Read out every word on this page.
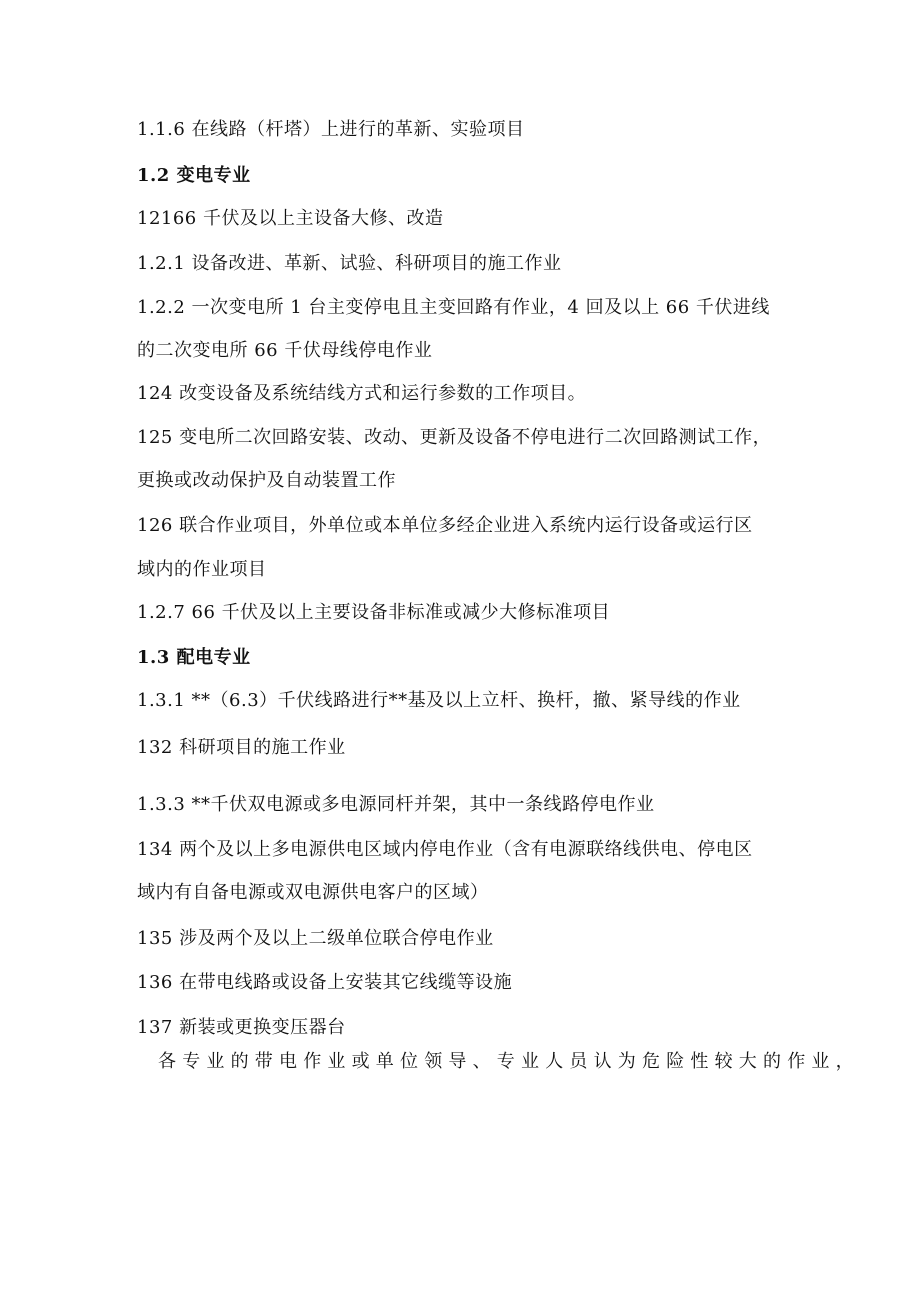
1.1.6 在线路（杆塔）上进行的革新、实验项目
1.2 变电专业
12166 千伏及以上主设备大修、改造
1.2.1 设备改进、革新、试验、科研项目的施工作业
1.2.2 一次变电所 1 台主变停电且主变回路有作业，4 回及以上 66 千伏进线
的二次变电所 66 千伏母线停电作业
124 改变设备及系统结线方式和运行参数的工作项目。
125 变电所二次回路安装、改动、更新及设备不停电进行二次回路测试工作，
更换或改动保护及自动装置工作
126 联合作业项目，外单位或本单位多经企业进入系统内运行设备或运行区
域内的作业项目
1.2.7 66 千伏及以上主要设备非标准或减少大修标准项目
1.3 配电专业
1.3.1 **（6.3）千伏线路进行**基及以上立杆、换杆，撤、紧导线的作业
132 科研项目的施工作业
1.3.3 **千伏双电源或多电源同杆并架，其中一条线路停电作业
134 两个及以上多电源供电区域内停电作业（含有电源联络线供电、停电区
域内有自备电源或双电源供电客户的区域）
135 涉及两个及以上二级单位联合停电作业
136 在带电线路或设备上安装其它线缆等设施
137 新装或更换变压器台
各专业的带电作业或单位领导、专业人员认为危险性较大的作业，
